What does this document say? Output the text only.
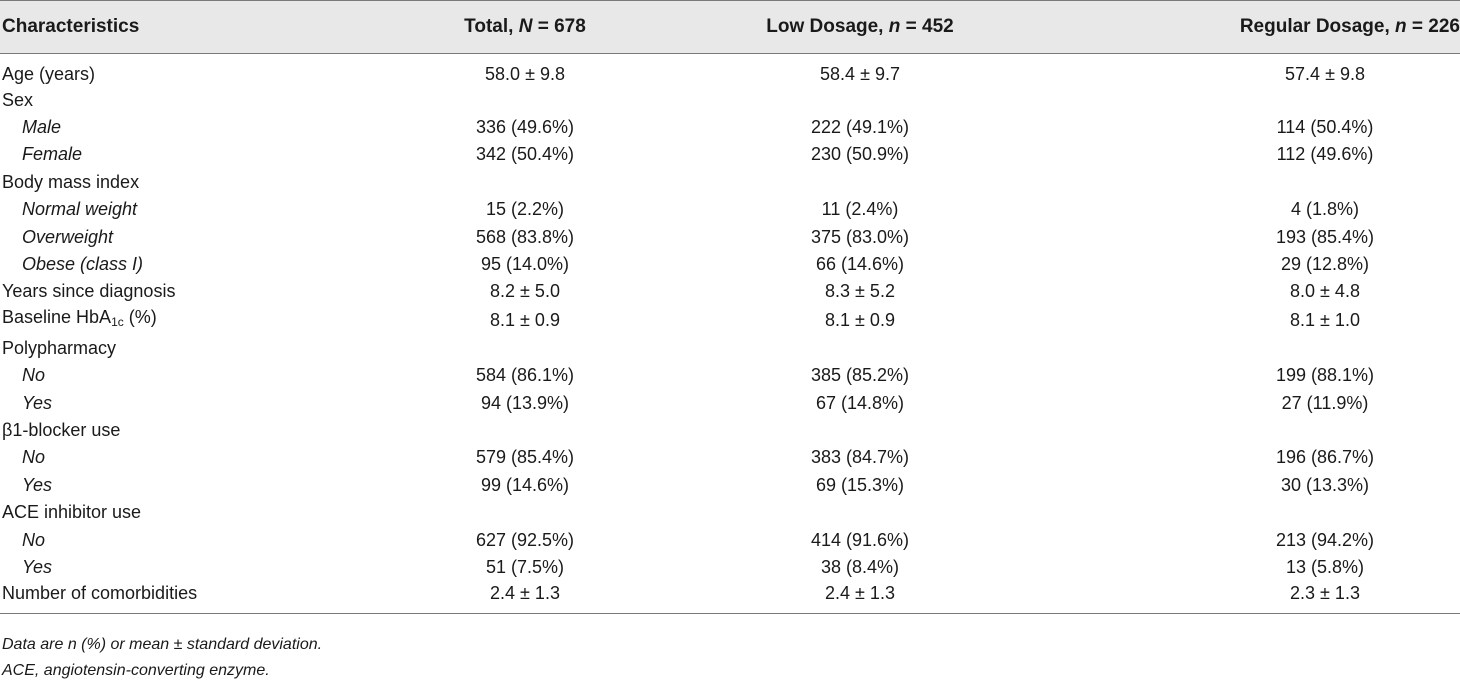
Characteristics	Total, N = 678	Low Dosage, n = 452	Regular Dosage, n = 226
Age (years)	58.0 ± 9.8	58.4 ± 9.7	57.4 ± 9.8
Sex			
Male	336 (49.6%)	222 (49.1%)	114 (50.4%)
Female	342 (50.4%)	230 (50.9%)	112 (49.6%)
Body mass index			
Normal weight	15 (2.2%)	11 (2.4%)	4 (1.8%)
Overweight	568 (83.8%)	375 (83.0%)	193 (85.4%)
Obese (class I)	95 (14.0%)	66 (14.6%)	29 (12.8%)
Years since diagnosis	8.2 ± 5.0	8.3 ± 5.2	8.0 ± 4.8
Baseline HbA$_{1c}$ (%)	8.1 ± 0.9	8.1 ± 0.9	8.1 ± 1.0
Polypharmacy			
No	584 (86.1%)	385 (85.2%)	199 (88.1%)
Yes	94 (13.9%)	67 (14.8%)	27 (11.9%)
β1-blocker use			
No	579 (85.4%)	383 (84.7%)	196 (86.7%)
Yes	99 (14.6%)	69 (15.3%)	30 (13.3%)
ACE inhibitor use			
No	627 (92.5%)	414 (91.6%)	213 (94.2%)
Yes	51 (7.5%)	38 (8.4%)	13 (5.8%)
Number of comorbidities	2.4 ± 1.3	2.4 ± 1.3	2.3 ± 1.3
Data are n (%) or mean ± standard deviation.
ACE, angiotensin-converting enzyme.
